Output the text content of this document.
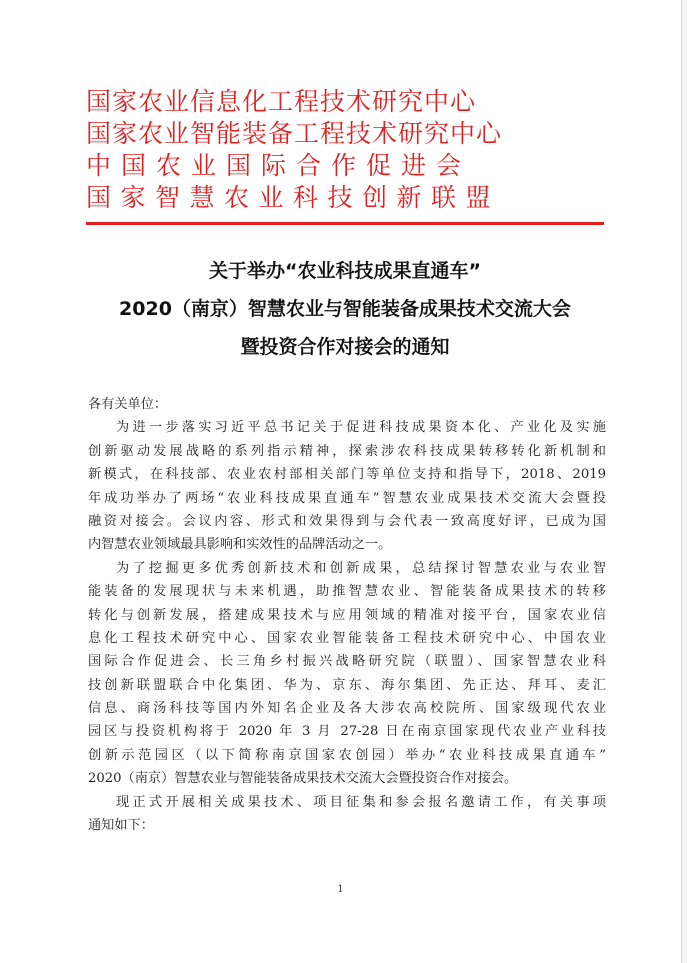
国家农业信息化工程技术研究中心
国家农业智能装备工程技术研究中心
中国农业国际合作促进会
国家智慧农业科技创新联盟
关于举办“农业科技成果直通车”
2020（南京）智慧农业与智能装备成果技术交流大会
暨投资合作对接会的通知
各有关单位：
为进一步落实习近平总书记关于促进科技成果资本化、产业化及实施
创新驱动发展战略的系列指示精神，探索涉农科技成果转移转化新机制和
新模式，在科技部、农业农村部相关部门等单位支持和指导下，2018、2019
年成功举办了两场“农业科技成果直通车”智慧农业成果技术交流大会暨投
融资对接会。会议内容、形式和效果得到与会代表一致高度好评，已成为国
内智慧农业领域最具影响和实效性的品牌活动之一。
为了挖掘更多优秀创新技术和创新成果，总结探讨智慧农业与农业智
能装备的发展现状与未来机遇，助推智慧农业、智能装备成果技术的转移
转化与创新发展，搭建成果技术与应用领域的精准对接平台，国家农业信
息化工程技术研究中心、国家农业智能装备工程技术研究中心、中国农业
国际合作促进会、长三角乡村振兴战略研究院（联盟）、国家智慧农业科
技创新联盟联合中化集团、华为、京东、海尔集团、先正达、拜耳、麦汇
信息、商汤科技等国内外知名企业及各大涉农高校院所、国家级现代农业
园区与投资机构将于 2020 年 3 月 27-28 日在南京国家现代农业产业科技
创新示范园区（以下简称南京国家农创园）举办“农业科技成果直通车”
2020（南京）智慧农业与智能装备成果技术交流大会暨投资合作对接会。
现正式开展相关成果技术、项目征集和参会报名邀请工作，有关事项
通知如下：
1
